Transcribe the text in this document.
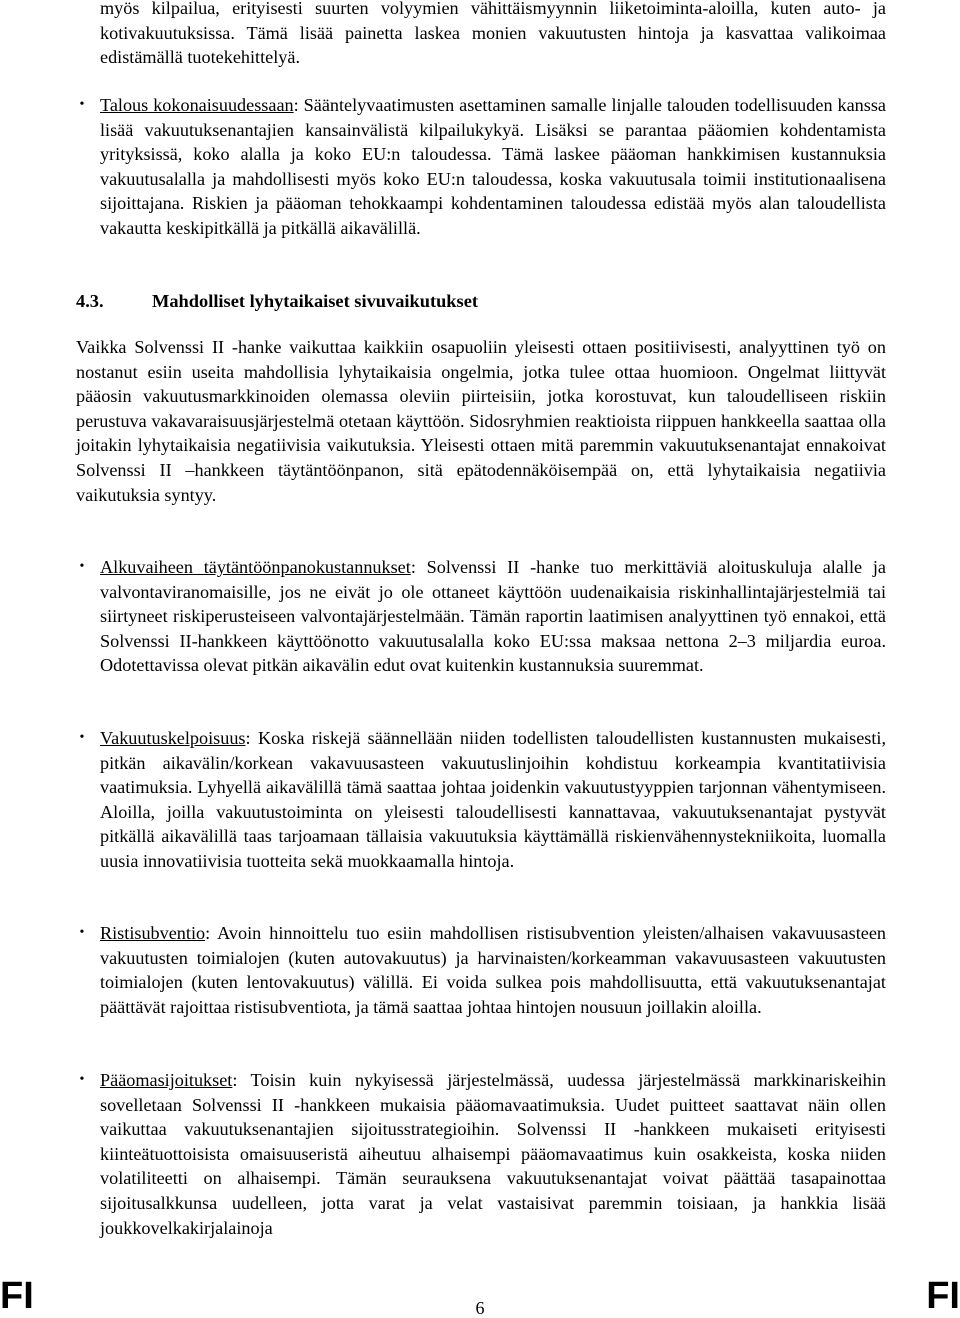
myös kilpailua, erityisesti suurten volyymien vähittäismyynnin liiketoiminta-aloilla, kuten auto- ja kotivakuutuksissa. Tämä lisää painetta laskea monien vakuutusten hintoja ja kasvattaa valikoimaa edistämällä tuotekehittelyä.

• Talous kokonaisuudessaan: Sääntelyvaatimusten asettaminen samalle linjalle talouden todellisuuden kanssa lisää vakuutuksenantajien kansainvälistä kilpailukykyä. Lisäksi se parantaa pääomien kohdentamista yrityksissä, koko alalla ja koko EU:n taloudessa. Tämä laskee pääoman hankkimisen kustannuksia vakuutusalalla ja mahdollisesti myös koko EU:n taloudessa, koska vakuutusala toimii institutionaalisena sijoittajana. Riskien ja pääoman tehokkaampi kohdentaminen taloudessa edistää myös alan taloudellista vakautta keskipitkällä ja pitkällä aikavälillä.

4.3.	Mahdolliset lyhytaikaiset sivuvaikutukset

Vaikka Solvenssi II -hanke vaikuttaa kaikkiin osapuoliin yleisesti ottaen positiivisesti, analyyttinen työ on nostanut esiin useita mahdollisia lyhytaikaisia ongelmia, jotka tulee ottaa huomioon. Ongelmat liittyvät pääosin vakuutusmarkkinoiden olemassa oleviin piirteisiin, jotka korostuvat, kun taloudelliseen riskiin perustuva vakavaraisuusjärjestelmä otetaan käyttöön. Sidosryhmien reaktioista riippuen hankkeella saattaa olla joitakin lyhytaikaisia negatiivisia vaikutuksia. Yleisesti ottaen mitä paremmin vakuutuksenantajat ennakoivat Solvenssi II –hankkeen täytäntöönpanon, sitä epätodennäköisempää on, että lyhytaikaisia negatiivia vaikutuksia syntyy.

• Alkuvaiheen täytäntöönpanokustannukset: Solvenssi II -hanke tuo merkittäviä aloituskuluja alalle ja valvontaviranomaisille, jos ne eivät jo ole ottaneet käyttöön uudenaikaisia riskinhallintajärjestelmiä tai siirtyneet riskiperusteiseen valvontajärjestelmään. Tämän raportin laatimisen analyyttinen työ ennakoi, että Solvenssi II-hankkeen käyttöönotto vakuutusalalla koko EU:ssa maksaa nettona 2–3 miljardia euroa. Odotettavissa olevat pitkän aikavälin edut ovat kuitenkin kustannuksia suuremmat.

• Vakuutuskelpoisuus: Koska riskejä säännellään niiden todellisten taloudellisten kustannusten mukaisesti, pitkän aikavälin/korkean vakavuusasteen vakuutuslinjoihin kohdistuu korkeampia kvantitatiivisia vaatimuksia. Lyhyellä aikavälillä tämä saattaa johtaa joidenkin vakuutustyyppien tarjonnan vähentymiseen. Aloilla, joilla vakuutustoiminta on yleisesti taloudellisesti kannattavaa, vakuutuksenantajat pystyvät pitkällä aikavälillä taas tarjoamaan tällaisia vakuutuksia käyttämällä riskienvähennystekniikoita, luomalla uusia innovatiivisia tuotteita sekä muokkaamalla hintoja.

• Ristisubventio: Avoin hinnoittelu tuo esiin mahdollisen ristisubvention yleisten/alhaisen vakavuusasteen vakuutusten toimialojen (kuten autovakuutus) ja harvinaisten/korkeamman vakavuusasteen vakuutusten toimialojen (kuten lentovakuutus) välillä. Ei voida sulkea pois mahdollisuutta, että vakuutuksenantajat päättävät rajoittaa ristisubventiota, ja tämä saattaa johtaa hintojen nousuun joillakin aloilla.

• Pääomasijoitukset: Toisin kuin nykyisessä järjestelmässä, uudessa järjestelmässä markkinariskeihin sovelletaan Solvenssi II -hankkeen mukaisia pääomavaatimuksia. Uudet puitteet saattavat näin ollen vaikuttaa vakuutuksenantajien sijoitusstrategioihin. Solvenssi II -hankkeen mukaiseti erityisesti kiinteätuottoisista omaisuuseristä aiheutuu alhaisempi pääomavaatimus kuin osakkeista, koska niiden volatiliteetti on alhaisempi. Tämän seurauksena vakuutuksenantajat voivat päättää tasapainottaa sijoitusalkkunsa uudelleen, jotta varat ja velat vastaisivat paremmin toisiaan, ja hankkia lisää joukkovelkakirjalainoja

FI	6	FI
